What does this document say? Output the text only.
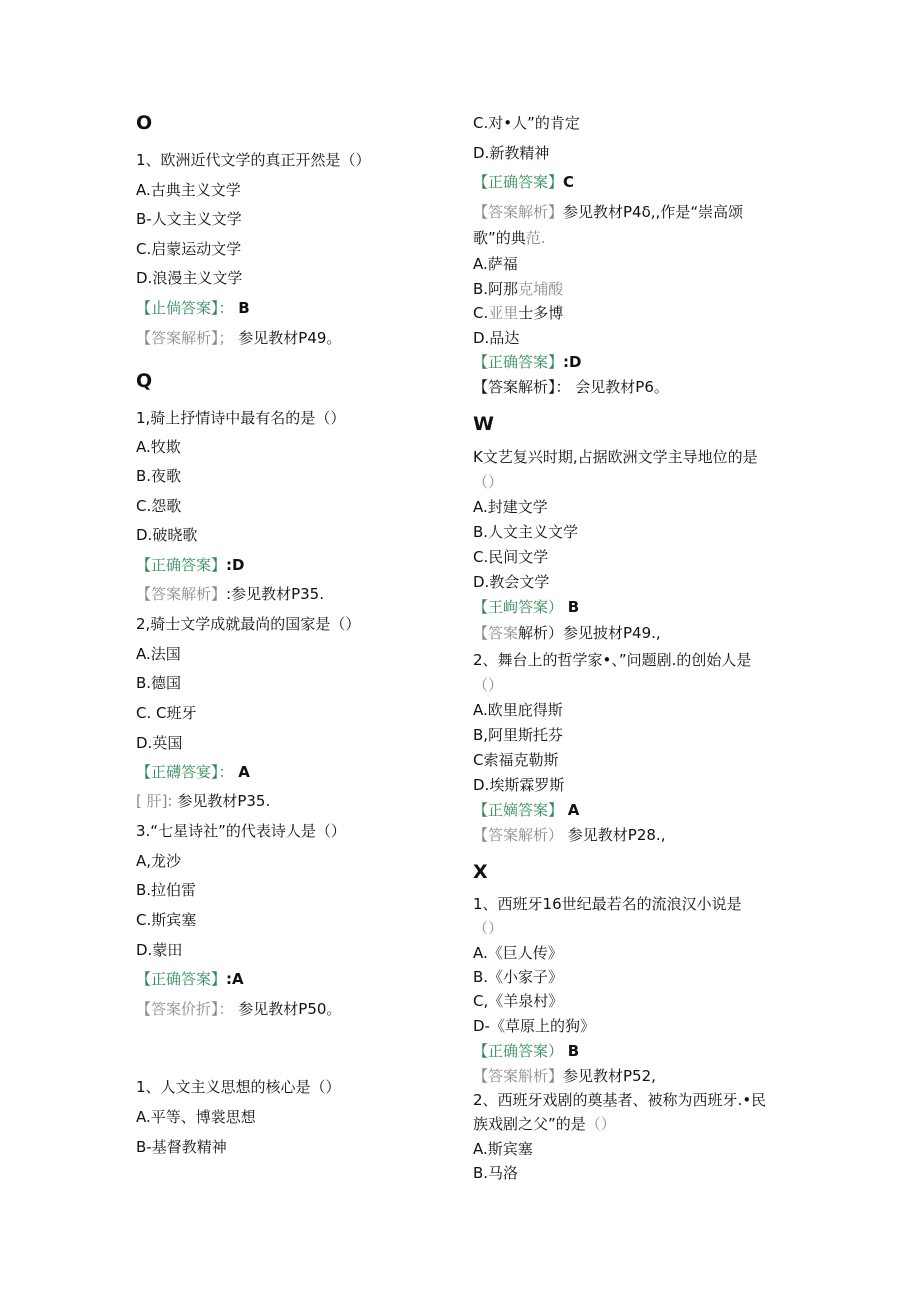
O
1、欧洲近代文学的真正开然是（）
A.古典主义文学
B-人文主义文学
C.启蒙运动文学
D.浪漫主义文学
【止倘答案】： B
【答案解析】； 参见教材P49。
Q
1,骑上抒情诗中最有名的是（）
A.牧欺
B.夜歌
C.怨歌
D.破晓歌
【正确答案】:D
【答案解析】:参见教材P35.
2,骑士文学成就最尚的国家是（）
A.法国
B.德国
C. C班牙
D.英国
【正礴答宴】： A
[ 肝]: 参见教材P35.
3.“七星诗社”的代表诗人是（）
A,龙沙
B.拉伯雷
C.斯宾塞
D.蒙田
【正确答案】:A
【答案价折】： 参见教材P50。
1、人文主义思想的核心是（）
A.平等、博裳思想
B-基督教精神
C.对•人”的肯定
D.新教精神
【正确答案】C
【答案解析】参见教材P4δ,,作是“崇高颂
歌”的典范.
A.萨福
B.阿那克埔酸
C.亚里士多博
D.品达
【正确答案】:D
【答案解析】： 会见教材P6。
W
K文艺复兴时期,占据欧洲文学主导地位的是
（）
A.封建文学
B.人文主义文学
C.民间文学
D.教会文学
【王峋答案） B
【答案解析）参见披材P49.,
2、舞台上的哲学家•、”问题剧.的创始人是
（）
A.欧里庇得斯
B,阿里斯托芬
C索福克勒斯
D.埃斯霖罗斯
【正嫡答案】 A
【答案解析） 参见教材P28.,
X
1、西班牙16世纪最若名的流浪汉小说是
（）
A.《巨人传》
B.《小家子》
C,《羊泉村》
D-《草原上的狗》
【正确答案） B
【答案斛析】参见教材P52,
2、西班牙戏剧的奠基者、被称为西班牙.•民
族戏剧之父”的是（）
A.斯宾塞
B.马洛
